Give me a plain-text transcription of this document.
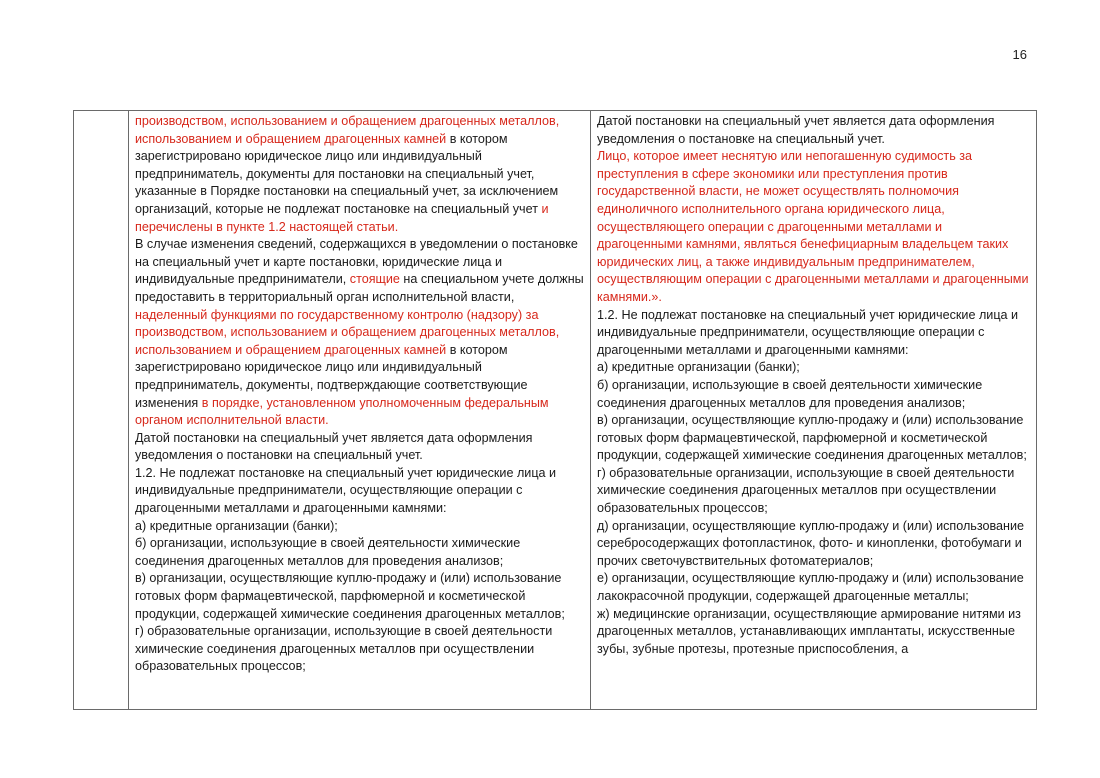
16

производством, использованием и обращением драгоценных металлов, использованием и обращением драгоценных камней в котором зарегистрировано юридическое лицо или индивидуальный предприниматель, документы для постановки на специальный учет, указанные в Порядке постановки на специальный учет, за исключением организаций, которые не подлежат постановке на специальный учет и перечислены в пункте 1.2 настоящей статьи.
В случае изменения сведений, содержащихся в уведомлении о постановке на специальный учет и карте постановки, юридические лица и индивидуальные предприниматели, стоящие на специальном учете должны предоставить в территориальный орган исполнительной власти, наделенный функциями по государственному контролю (надзору) за производством, использованием и обращением драгоценных металлов, использованием и обращением драгоценных камней в котором зарегистрировано юридическое лицо или индивидуальный предприниматель, документы, подтверждающие соответствующие изменения в порядке, установленном уполномоченным федеральным органом исполнительной власти.
Датой постановки на специальный учет является дата оформления уведомления о постановки на специальный учет.
1.2. Не подлежат постановке на специальный учет юридические лица и индивидуальные предприниматели, осуществляющие операции с драгоценными металлами и драгоценными камнями:
а) кредитные организации (банки);
б) организации, использующие в своей деятельности химические соединения драгоценных металлов для проведения анализов;
в) организации, осуществляющие куплю-продажу и (или) использование готовых форм фармацевтической, парфюмерной и косметической продукции, содержащей химические соединения драгоценных металлов;
г) образовательные организации, использующие в своей деятельности химические соединения драгоценных металлов при осуществлении образовательных процессов;

Датой постановки на специальный учет является дата оформления уведомления о постановке на специальный учет.
Лицо, которое имеет неснятую или непогашенную судимость за преступления в сфере экономики или преступления против государственной власти, не может осуществлять полномочия единоличного исполнительного органа юридического лица, осуществляющего операции с драгоценными металлами и драгоценными камнями, являться бенефициарным владельцем таких юридических лиц, а также индивидуальным предпринимателем, осуществляющим операции с драгоценными металлами и драгоценными камнями.».
1.2. Не подлежат постановке на специальный учет юридические лица и индивидуальные предприниматели, осуществляющие операции с драгоценными металлами и драгоценными камнями:
а) кредитные организации (банки);
б) организации, использующие в своей деятельности химические соединения драгоценных металлов для проведения анализов;
в) организации, осуществляющие куплю-продажу и (или) использование готовых форм фармацевтической, парфюмерной и косметической продукции, содержащей химические соединения драгоценных металлов;
г) образовательные организации, использующие в своей деятельности химические соединения драгоценных металлов при осуществлении образовательных процессов;
д) организации, осуществляющие куплю-продажу и (или) использование серебросодержащих фотопластинок, фото- и кинопленки, фотобумаги и прочих светочувствительных фотоматериалов;
е) организации, осуществляющие куплю-продажу и (или) использование лакокрасочной продукции, содержащей драгоценные металлы;
ж) медицинские организации, осуществляющие армирование нитями из драгоценных металлов, устанавливающих имплантаты, искусственные зубы, зубные протезы, протезные приспособления, а
